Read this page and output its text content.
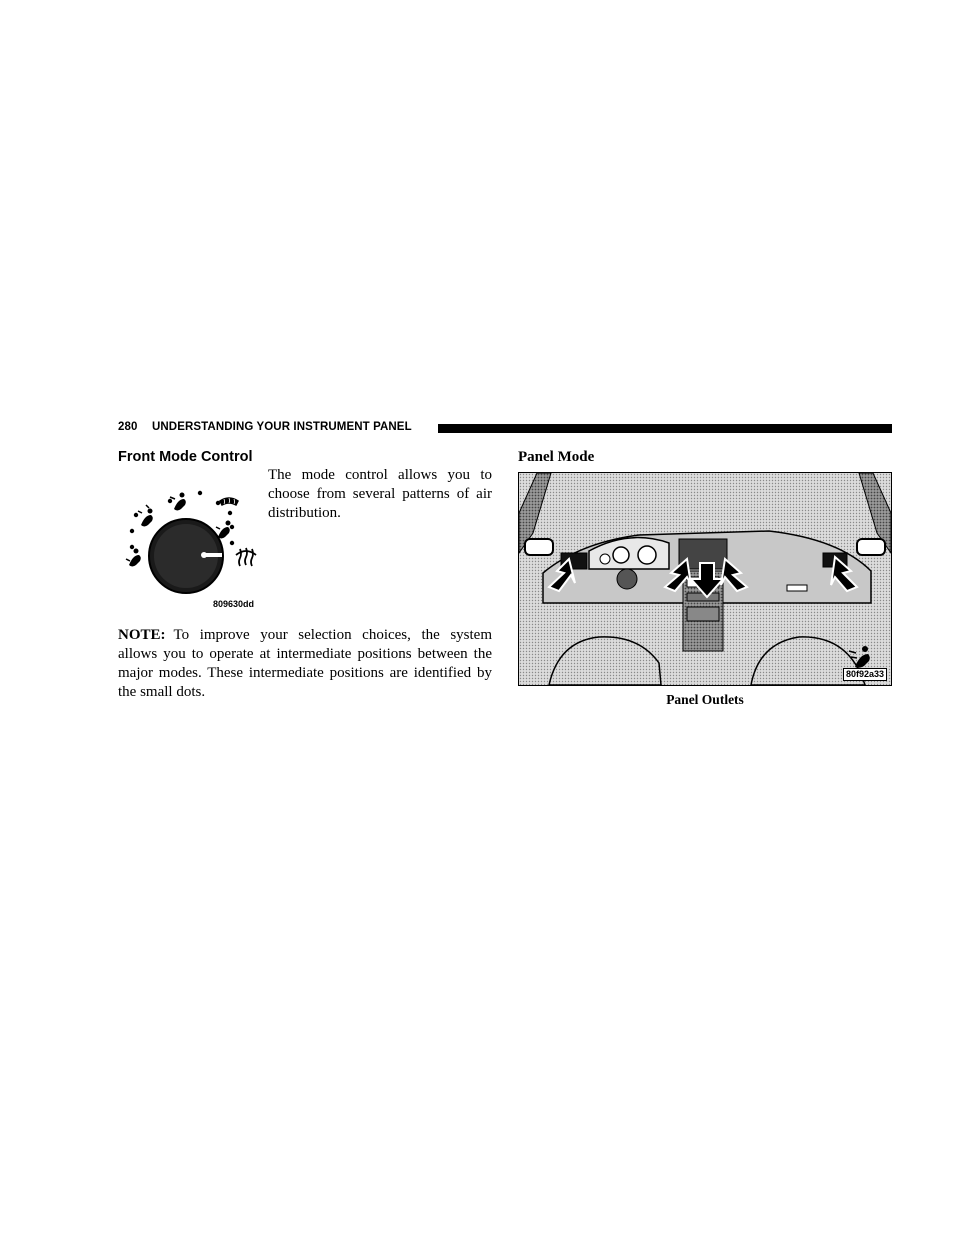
280 UNDERSTANDING YOUR INSTRUMENT PANEL
Front Mode Control
809630dd
The mode control allows you to choose from several patterns of air distribution.
NOTE: To improve your selection choices, the system allows you to operate at intermediate positions between the major modes. These intermediate positions are identified by the small dots.
Panel Mode
80f92a33
Panel Outlets
